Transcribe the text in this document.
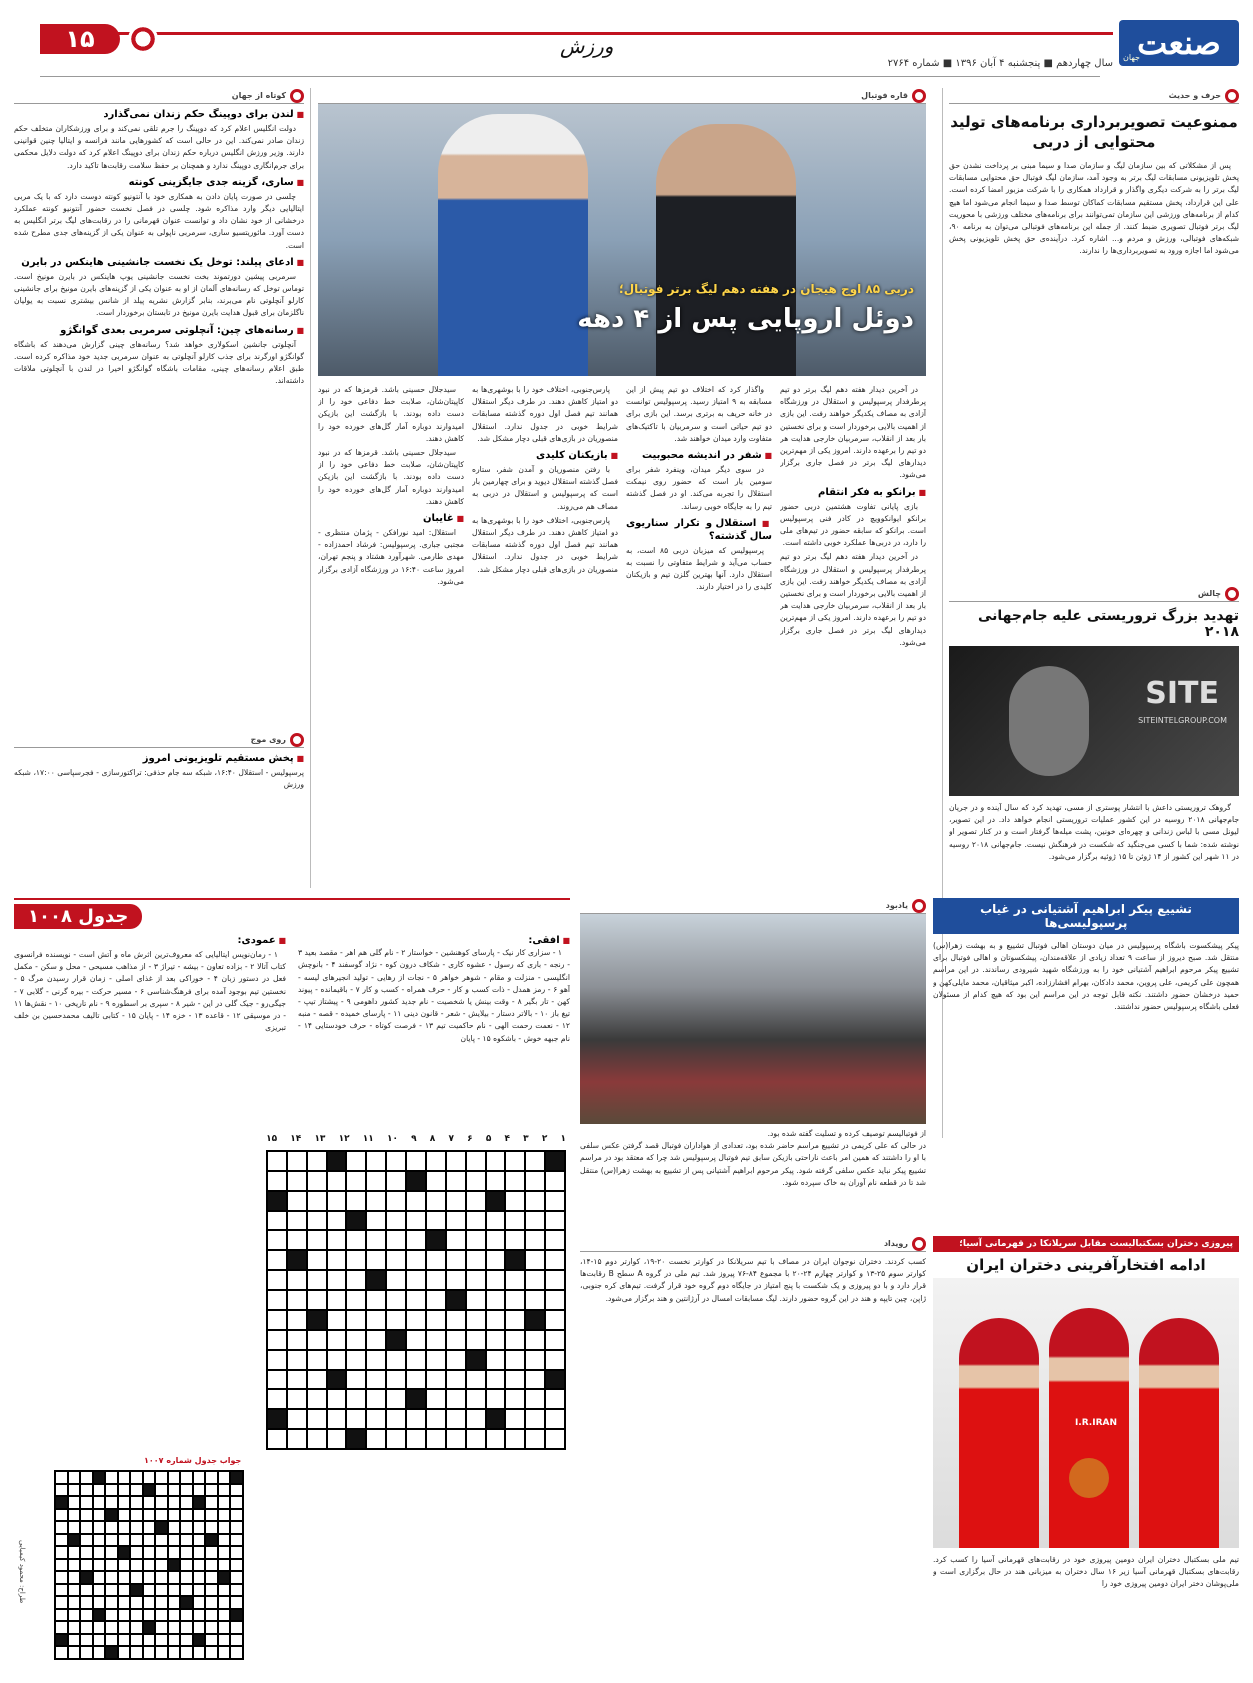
صنعت
جهان
سال چهاردهم ■ پنجشنبه ۴ آبان ۱۳۹۶ ■ شماره ۲۷۶۴
ورزش
۱۵
حرف و حدیث
ممنوعیت تصویربرداری برنامه‌های تولید محتوایی از دربی

پس از مشکلاتی که بین سازمان لیگ و سازمان صدا و سیما مبنی بر پرداخت نشدن حق پخش تلویزیونی مسابقات لیگ برتر به وجود آمد، سازمان لیگ فوتبال حق محتوایی مسابقات لیگ برتر را به شرکت دیگری واگذار و قرارداد همکاری را با شرکت مزبور امضا کرده است. علی این قرارداد، پخش مستقیم مسابقات کماکان توسط صدا و سیما انجام می‌شود اما هیچ کدام از برنامه‌های ورزشی این سازمان تمی‌توانند برای برنامه‌های مختلف ورزشی با محوریت لیگ برتر فوتبال تصویری ضبط کنند. از جمله این برنامه‌های فوتبالی می‌توان به برنامه ۹۰، شبکه‌های فوتبالی، ورزش و مردم و... اشاره کرد. درآینده‌ی حق پخش تلویزیونی پخش می‌شود اما اجازه ورود به تصویربرداری‌ها را ندارند.

چالش
تهدید بزرگ تروریستی علیه جام‌جهانی ۲۰۱۸
SITE
SITEINTELGROUP.COM

گروهک تروریستی داعش با انتشار پوستری از مسی، تهدید کرد که سال آینده و در جریان جام‌جهانی ۲۰۱۸ روسیه در این کشور عملیات تروریستی انجام خواهد داد. در این تصویر، لیونل مسی با لباس زندانی و چهره‌ای خونین، پشت میله‌ها گرفتار است و در کنار تصویر او نوشته شده: شما با کسی می‌جنگید که شکست در فرهنگش نیست. جام‌جهانی ۲۰۱۸ روسیه در ۱۱ شهر این کشور از ۱۴ ژوئن تا ۱۵ ژوئیه برگزار می‌شود.

قاره فوتبال
دربی ۸۵ اوج هیجان در هفته دهم لیگ برتر فوتبال؛
دوئل اروپایی پس از ۴ دهه

در آخرین دیدار هفته دهم لیگ برتر دو تیم پرطرفدار پرسپولیس و استقلال در ورزشگاه آزادی به مصاف یکدیگر خواهند رفت. این بازی از اهمیت بالایی برخوردار است و برای نخستین بار بعد از انقلاب، سرمربیان خارجی هدایت هر دو تیم را برعهده دارند. امروز یکی از مهم‌ترین دیدارهای لیگ برتر در فصل جاری برگزار می‌شود.

■ برانکو به فکر انتقام

بازی پایانی تفاوت هشتمین دربی حضور برانکو ایوانکوویچ در کادر فنی پرسپولیس است. برانکو که سابقه حضور در تیم‌های ملی را دارد، در دربی‌ها عملکرد خوبی داشته است.

در آخرین دیدار هفته دهم لیگ برتر دو تیم پرطرفدار پرسپولیس و استقلال در ورزشگاه آزادی به مصاف یکدیگر خواهند رفت. این بازی از اهمیت بالایی برخوردار است و برای نخستین بار بعد از انقلاب، سرمربیان خارجی هدایت هر دو تیم را برعهده دارند. امروز یکی از مهم‌ترین دیدارهای لیگ برتر در فصل جاری برگزار می‌شود.

واگذار کرد که اختلاف دو تیم پیش از این مسابقه به ۹ امتیاز رسید. پرسپولیس توانست در خانه حریف به برتری برسد. این بازی برای دو تیم حیاتی است و سرمربیان با تاکتیک‌های متفاوت وارد میدان خواهند شد.

■ شفر در اندیشه محبوبیت

در سوی دیگر میدان، وینفرد شفر برای سومین بار است که حضور روی نیمکت استقلال را تجربه می‌کند. او در فصل گذشته تیم را به جایگاه خوبی رساند.

■ استقلال و تکرار سناریوی سال گذشته؟

پرسپولیس که میزبان دربی ۸۵ است، به حساب می‌آید و شرایط متفاوتی را نسبت به استقلال دارد. آنها بهترین گلزن تیم و بازیکنان کلیدی را در اختیار دارند.

پارس‌جنوبی، اختلاف خود را با بوشهری‌ها به دو امتیاز کاهش دهند. در طرف دیگر استقلال همانند تیم فصل اول دوره گذشته مسابقات شرایط خوبی در جدول ندارد. استقلال منصوریان در بازی‌های قبلی دچار مشکل شد.

■ بازیکنان کلیدی

با رفتن منصوریان و آمدن شفر، ستاره فصل گذشته استقلال دیوید و برای چهارمین بار است که پرسپولیس و استقلال در دربی به مصاف هم می‌روند.

پارس‌جنوبی، اختلاف خود را با بوشهری‌ها به دو امتیاز کاهش دهند. در طرف دیگر استقلال همانند تیم فصل اول دوره گذشته مسابقات شرایط خوبی در جدول ندارد. استقلال منصوریان در بازی‌های قبلی دچار مشکل شد.

سید‌جلال حسینی باشد. قرمزها که در نبود کاپیتان‌شان، صلابت خط دفاعی خود را از دست داده بودند. با بازگشت این بازیکن امیدوارند دوباره آمار گل‌های خورده خود را کاهش دهند.

سید‌جلال حسینی باشد. قرمزها که در نبود کاپیتان‌شان، صلابت خط دفاعی خود را از دست داده بودند. با بازگشت این بازیکن امیدوارند دوباره آمار گل‌های خورده خود را کاهش دهند.

■ غایبان

استقلال: امید نورافکن - پژمان منتظری - مجتبی جباری. پرسپولیس: فرشاد احمدزاده - مهدی طارمی. شهرآورد هشتاد و پنجم تهران، امروز ساعت ۱۶:۴۰ در ورزشگاه آزادی برگزار می‌شود.

کوتاه از جهان
■ لندن برای دوپینگ حکم زندان نمی‌گذارد

دولت انگلیس اعلام کرد که دوپینگ را جرم تلقی نمی‌کند و برای ورزشکاران متخلف حکم زندان صادر نمی‌کند. این در حالی است که کشورهایی مانند فرانسه و ایتالیا چنین قوانینی دارند. وزیر ورزش انگلیس درباره حکم زندان برای دوپینگ اعلام کرد که دولت دلایل محکمی برای جرم‌انگاری دوپینگ ندارد و همچنان بر حفظ سلامت رقابت‌ها تاکید دارد.

■ ساری، گزینه جدی جایگزینی کونته

چلسی در صورت پایان دادن به همکاری خود با آنتونیو کونته دوست دارد که با یک مربی ایتالیایی دیگر وارد مذاکره شود. چلسی در فصل نخست حضور آنتونیو کونته عملکرد درخشانی از خود نشان داد و توانست عنوان قهرمانی را در رقابت‌های لیگ برتر انگلیس به دست آورد. مائوریتسیو ساری، سرمربی ناپولی به عنوان یکی از گزینه‌های جدی مطرح شده است.

■ ادعای پیلند: توخل یک نخست جانشینی هاینکس در بایرن

سرمربی پیشین دورتموند بخت نخست جانشینی یوپ هاینکس در بایرن مونیخ است. توماس توخل که رسانه‌های آلمان از او به عنوان یکی از گزینه‌های بایرن مونیخ برای جانشینی کارلو آنچلوتی نام می‌برند، بنابر گزارش نشریه پیلد از شانس بیشتری نسبت به یولیان ناگلزمان برای قبول هدایت بایرن مونیخ در تابستان برخوردار است.

■ رسانه‌های چین: آنچلوتی سرمربی بعدی گوانگژو

آنچلوتی جانشین اسکولاری خواهد شد؟ رسانه‌های چینی گزارش می‌دهند که باشگاه گوانگژو اورگرند برای جذب کارلو آنچلوتی به عنوان سرمربی جدید خود مذاکره کرده است. طبق اعلام رسانه‌های چینی، مقامات باشگاه گوانگژو اخیرا در لندن با آنچلوتی ملاقات داشته‌اند.

روی موج
■ پخش مستقیم تلویزیونی امروز
پرسپولیس - استقلال ۱۶:۴۰، شبکه سه جام حذفی: تراکتورسازی - فجرسپاسی ۱۷:۰۰، شبکه ورزش
جدول ۱۰۰۸
■ افقی:

۱ - سزاری کار نیک - پارسای کوهنشین - خواستار ۲ - نام گلی هم اهر - مقصد بعید ۳ - رنجه - باری که رسول - عشوه کاری - شکاف درون کوه - نژاد گوسفند ۴ - بانوچش انگلیسی - منزلت و مقام - شوهر خواهر ۵ - نجات از رهایی - تولید انجیرهای لیسه - آهو ۶ - رمز همدل - ذات کسب و کار - حرف همراه - کسب و کار ۷ - باقیمانده - پیوند کهن - تار بگیر ۸ - وقت بینش یا شخصیت - نام جدید کشور داهومی ۹ - پیشتاز تیپ - تیغ باز ۱۰ - بالاتر دستار - بیلایش - شعر - قانون دینی ۱۱ - پارسای خمیده - قصه - منبه ۱۲ - نعمت رحمت الهی - نام حاکمیت تیم ۱۳ - فرصت کوتاه - حرف خودستایی ۱۴ - نام جبهه خوش - باشکوه ۱۵ - پایان

■ عمودی:

۱ - رمان‌نویس ایتالیایی که معروف‌ترین اثرش ماه و آتش است - نویسنده فرانسوی کتاب آتالا ۲ - بزاده تعاون - بیشه - تیراژ ۳ - از مذاهب مسیحی - محل و سکن - مکمل فعل در دستور زبان ۴ - خوراکی بعد از غذای اصلی - زمان قرار رسیدن مرگ ۵ - نخستین تیم بوجود آمده برای فرهنگ‌شناسی ۶ - مسیر حرکت - بیره گرنی - گلابی ۷ - جیگی‌رو - جیک گلی در این - شیر ۸ - سپری بر اسطوره ۹ - نام تاریخی ۱۰ - نقش‌ها ۱۱ - در موسیقی ۱۲ - قاعده ۱۳ - خزه ۱۴ - پایان ۱۵ - کتابی تالیف محمدحسین بن خلف تبریزی

۱
۲
۳
۴
۵
۶
۷
۸
۹
۱۰
۱۱
۱۲
۱۳
۱۴
۱۵
جواب جدول شماره ۱۰۰۷
طراح: محمود کیمیایی
یادبود
از فوتبالیسم توصیف کرده و تسلیت گفته شده بود.
در حالی که علی کریمی در تشییع مراسم حاضر شده بود، تعدادی از هواداران فوتبال قصد گرفتن عکس سلفی با او را داشتند که همین امر باعث ناراحتی بازیکن سابق تیم فوتبال پرسپولیس شد چرا که معتقد بود در مراسم تشییع پیکر نباید عکس سلفی گرفته شود. پیکر مرحوم ابراهیم آشتیانی پس از تشییع به بهشت زهرا(س) منتقل شد تا در قطعه نام آوران به خاک سپرده شود.
تشییع پیکر ابراهیم آشتیانی در غیاب پرسپولیسی‌ها
پیکر پیشکسوت باشگاه پرسپولیس در میان دوستان اهالی فوتبال تشییع و به بهشت زهرا(س) منتقل شد. صبح دیروز از ساعت ۹ تعداد زیادی از علاقه‌مندان، پیشکسوتان و اهالی فوتبال برای تشییع پیکر مرحوم ابراهیم آشتیانی خود را به ورزشگاه شهید شیرودی رساندند. در این مراسم همچون علی کریمی، علی پروین، محمد دادکان، بهرام افشارزاده، اکبر میثاقیان، محمد مایلی‌کهن و حمید درخشان حضور داشتند. نکته قابل توجه در این مراسم این بود که هیچ کدام از مسئولان فعلی باشگاه پرسپولیس حضور نداشتند.
رویداد
کسب کردند. دختران نوجوان ایران در مصاف با تیم سریلانکا در کوارتر نخست ۲۰-۱۹، کوارتر دوم ۱۵-۱۴، کوارتر سوم ۲۵-۱۳ و کوارتر چهارم ۲۴-۲۰ با مجموع ۸۴-۷۶ پیروز شد. تیم ملی در گروه A سطح B رقابت‌ها قرار دارد و با دو پیروزی و یک شکست با پنج امتیاز در جایگاه دوم گروه خود قرار گرفت. تیم‌های کره جنوبی، ژاپن، چین تایپه و هند در این گروه حضور دارند. لیگ مسابقات امسال در آرژانتین و هند برگزار می‌شود.
پیروزی دختران بسکتبالیست مقابل سریلانکا در قهرمانی آسیا؛
ادامه افتخارآفرینی دختران ایران
I.R.IRAN
تیم ملی بسکتبال دختران ایران دومین پیروزی خود در رقابت‌های قهرمانی آسیا را کسب کرد. رقابت‌های بسکتبال قهرمانی آسیا زیر ۱۶ سال دختران به میزبانی هند در حال برگزاری است و ملی‌پوشان دختر ایران دومین پیروزی خود را
